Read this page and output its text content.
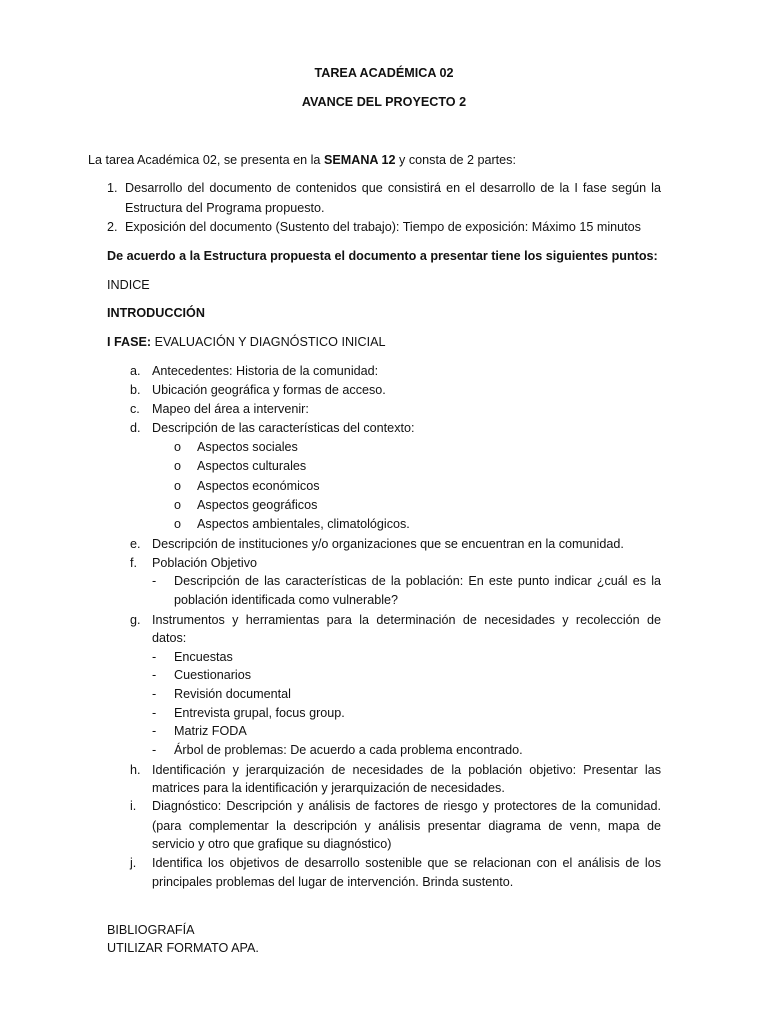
TAREA ACADÉMICA 02
AVANCE DEL PROYECTO 2
La tarea Académica 02, se presenta en la SEMANA 12 y consta de 2 partes:
1. Desarrollo del documento de contenidos que consistirá en el desarrollo de la I fase según la
Estructura del Programa propuesto.
2. Exposición del documento (Sustento del trabajo): Tiempo de exposición: Máximo 15 minutos
De acuerdo a la Estructura propuesta el documento a presentar tiene los siguientes puntos:
INDICE
INTRODUCCIÓN
I FASE: EVALUACIÓN Y DIAGNÓSTICO INICIAL
a. Antecedentes: Historia de la comunidad:
b. Ubicación geográfica y formas de acceso.
c. Mapeo del área a intervenir:
d. Descripción de las características del contexto:
o Aspectos sociales
o Aspectos culturales
o Aspectos económicos
o Aspectos geográficos
o Aspectos ambientales, climatológicos.
e. Descripción de instituciones y/o organizaciones que se encuentran en la comunidad.
f. Población Objetivo
- Descripción de las características de la población: En este punto indicar ¿cuál es la
población identificada como vulnerable?
g. Instrumentos y herramientas para la determinación de necesidades y recolección de
datos:
- Encuestas
- Cuestionarios
- Revisión documental
- Entrevista grupal, focus group.
- Matriz FODA
- Árbol de problemas: De acuerdo a cada problema encontrado.
h. Identificación y jerarquización de necesidades de la población objetivo: Presentar las
matrices para la identificación y jerarquización de necesidades.
i. Diagnóstico: Descripción y análisis de factores de riesgo y protectores de la comunidad.
(para complementar la descripción y análisis presentar diagrama de venn, mapa de
servicio y otro que grafique su diagnóstico)
j. Identifica los objetivos de desarrollo sostenible que se relacionan con el análisis de los
principales problemas del lugar de intervención. Brinda sustento.
BIBLIOGRAFÍA
UTILIZAR FORMATO APA.
